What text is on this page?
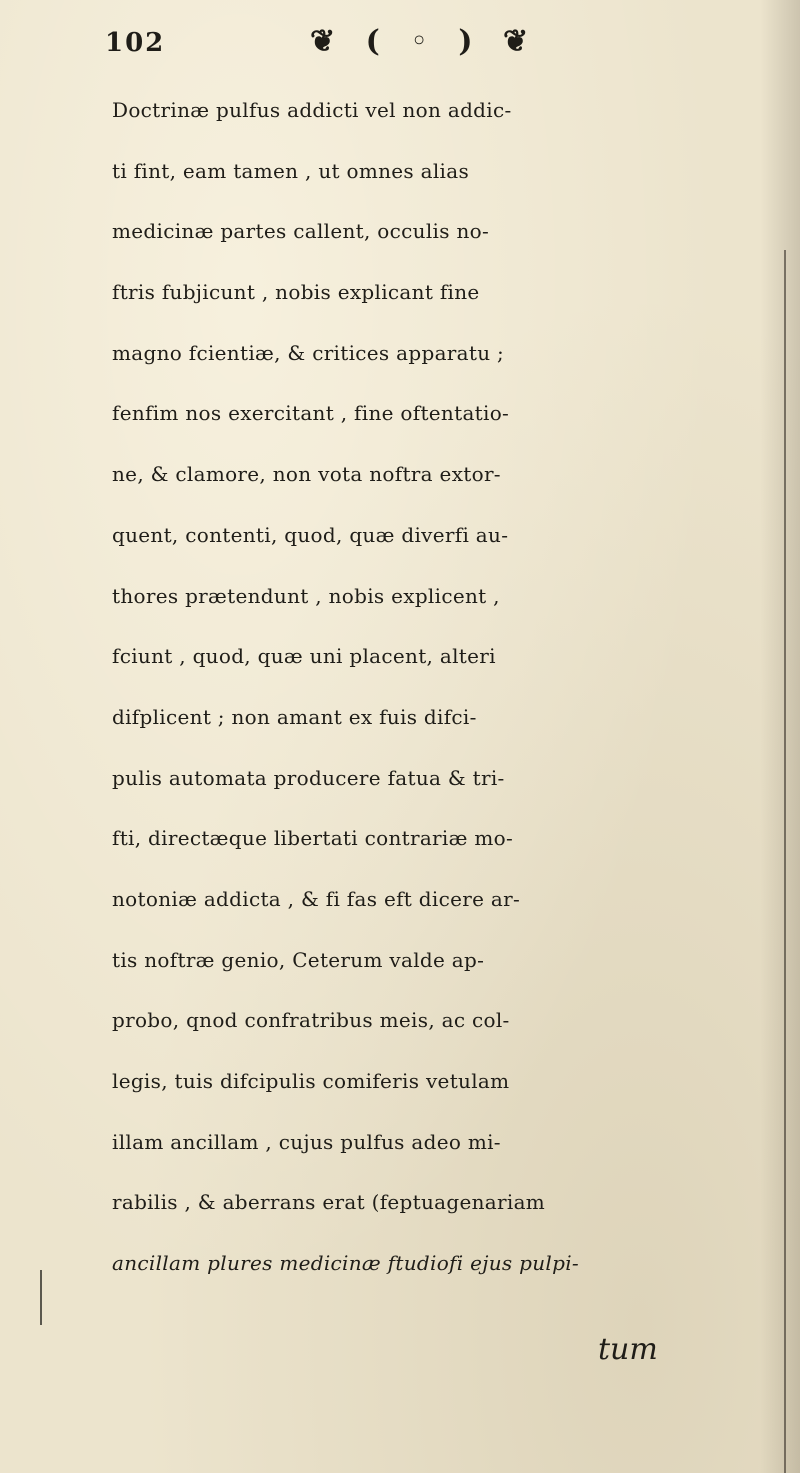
102	❦ ( ◦ ) ❦
Doctrinæ pulfus addicti vel non addic-
ti fint, eam tamen , ut omnes alias
medicinæ partes callent, occulis no-
ftris fubjicunt , nobis explicant fine
magno fcientiæ, & critices apparatu ;
fenfim nos exercitant , fine oftentatio-
ne, & clamore, non vota noftra extor-
quent, contenti, quod, quæ diverfi au-
thores prætendunt , nobis explicent ,
fciunt , quod, quæ uni placent, alteri
difplicent ; non amant ex fuis difci-
pulis automata producere fatua & tri-
fti, directæque libertati contrariæ mo-
notoniæ addicta , & fi fas eft dicere ar-
tis noftræ genio, Ceterum valde ap-
probo, qnod confratribus meis, ac col-
legis, tuis difcipulis comiferis vetulam
illam ancillam , cujus pulfus adeo mi-
rabilis , & aberrans erat (feptuagenariam
ancillam plures medicinæ ftudiofi ejus pulpi-
tum
